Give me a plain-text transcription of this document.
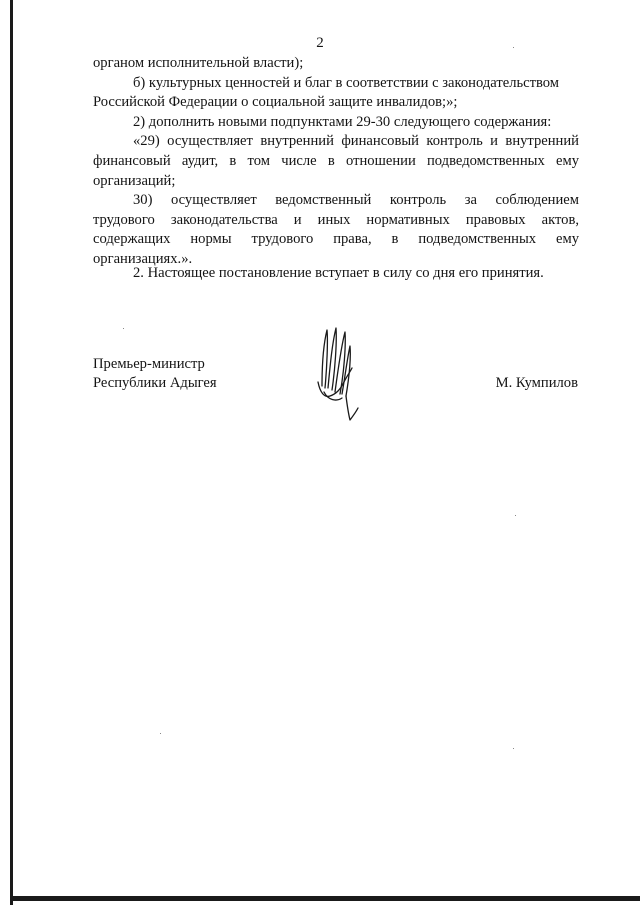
2
органом исполнительной власти);
б) культурных ценностей и благ в соответствии с законодательством
Российской Федерации о социальной защите инвалидов;»;
2) дополнить новыми подпунктами 29-30 следующего содержания:
«29) осуществляет внутренний финансовый контроль и внутренний
финансовый аудит, в том числе в отношении подведомственных ему
организаций;
30) осуществляет ведомственный контроль за соблюдением
трудового законодательства и иных нормативных правовых актов,
содержащих нормы трудового права, в подведомственных ему
организациях.».
2. Настоящее постановление вступает в силу со дня его принятия.
Премьер-министр
Республики Адыгея	М. Кумпилов
